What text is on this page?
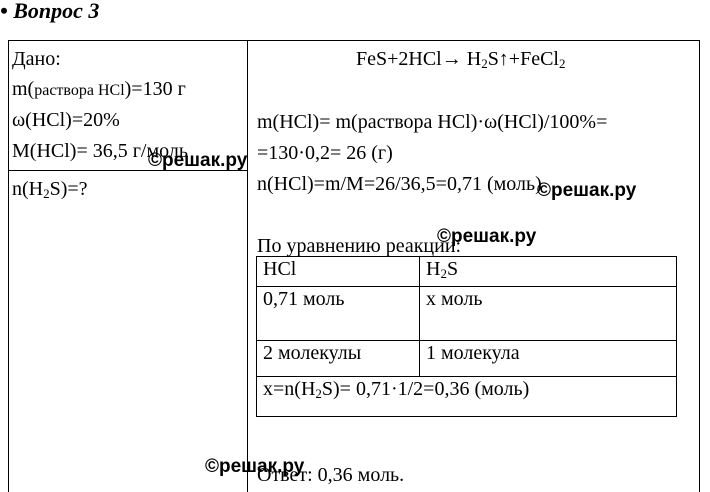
• Вопрос 3
Дано:
m(раствора HCl)=130 г
ω(HCl)=20%
M(HCl)= 36,5 г/моль
$n(H_2S)=$?
$FeS+2HCl\to H_2S↑+FeCl_2$
m(HCl)= m(раствора HCl)·ω(HCl)/100%=
=130·0,2= 26 (г)
n(HCl)=m/M=26/36,5=0,71 (моль)
По уравнению реакции:
HCl	$H_2S$
0,71 моль	х моль
2 молекулы	1 молекула
$х=n(H_2S)= 0,71\cdot 1/2=0,36$ (моль)	
Ответ: 0,36 моль.
©решак.ру
©решак.ру
©решак.ру
©решак.ру
